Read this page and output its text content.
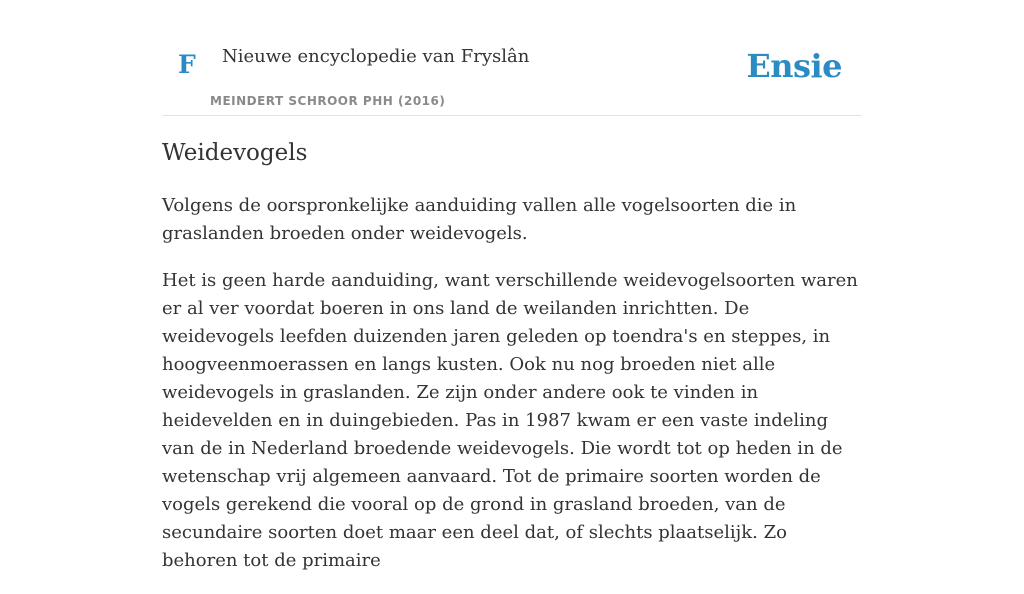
F Nieuwe encyclopedie van Fryslân
MEINDERT SCHROOR PHH (2016)
Ensie
Weidevogels

Volgens de oorspronkelijke aanduiding vallen alle vogelsoorten die in graslanden broeden onder weidevogels.

Het is geen harde aanduiding, want verschillende weidevogelsoorten waren er al ver voordat boeren in ons land de weilanden inrichtten. De weidevogels leefden duizenden jaren geleden op toendra's en steppes, in hoogveenmoerassen en langs kusten. Ook nu nog broeden niet alle weidevogels in graslanden. Ze zijn onder andere ook te vinden in heidevelden en in duingebieden. Pas in 1987 kwam er een vaste indeling van de in Nederland broedende weidevogels. Die wordt tot op heden in de wetenschap vrij algemeen aanvaard. Tot de primaire soorten worden de vogels gerekend die vooral op de grond in grasland broeden, van de secundaire soorten doet maar een deel dat, of slechts plaatselijk. Zo behoren tot de primaire
